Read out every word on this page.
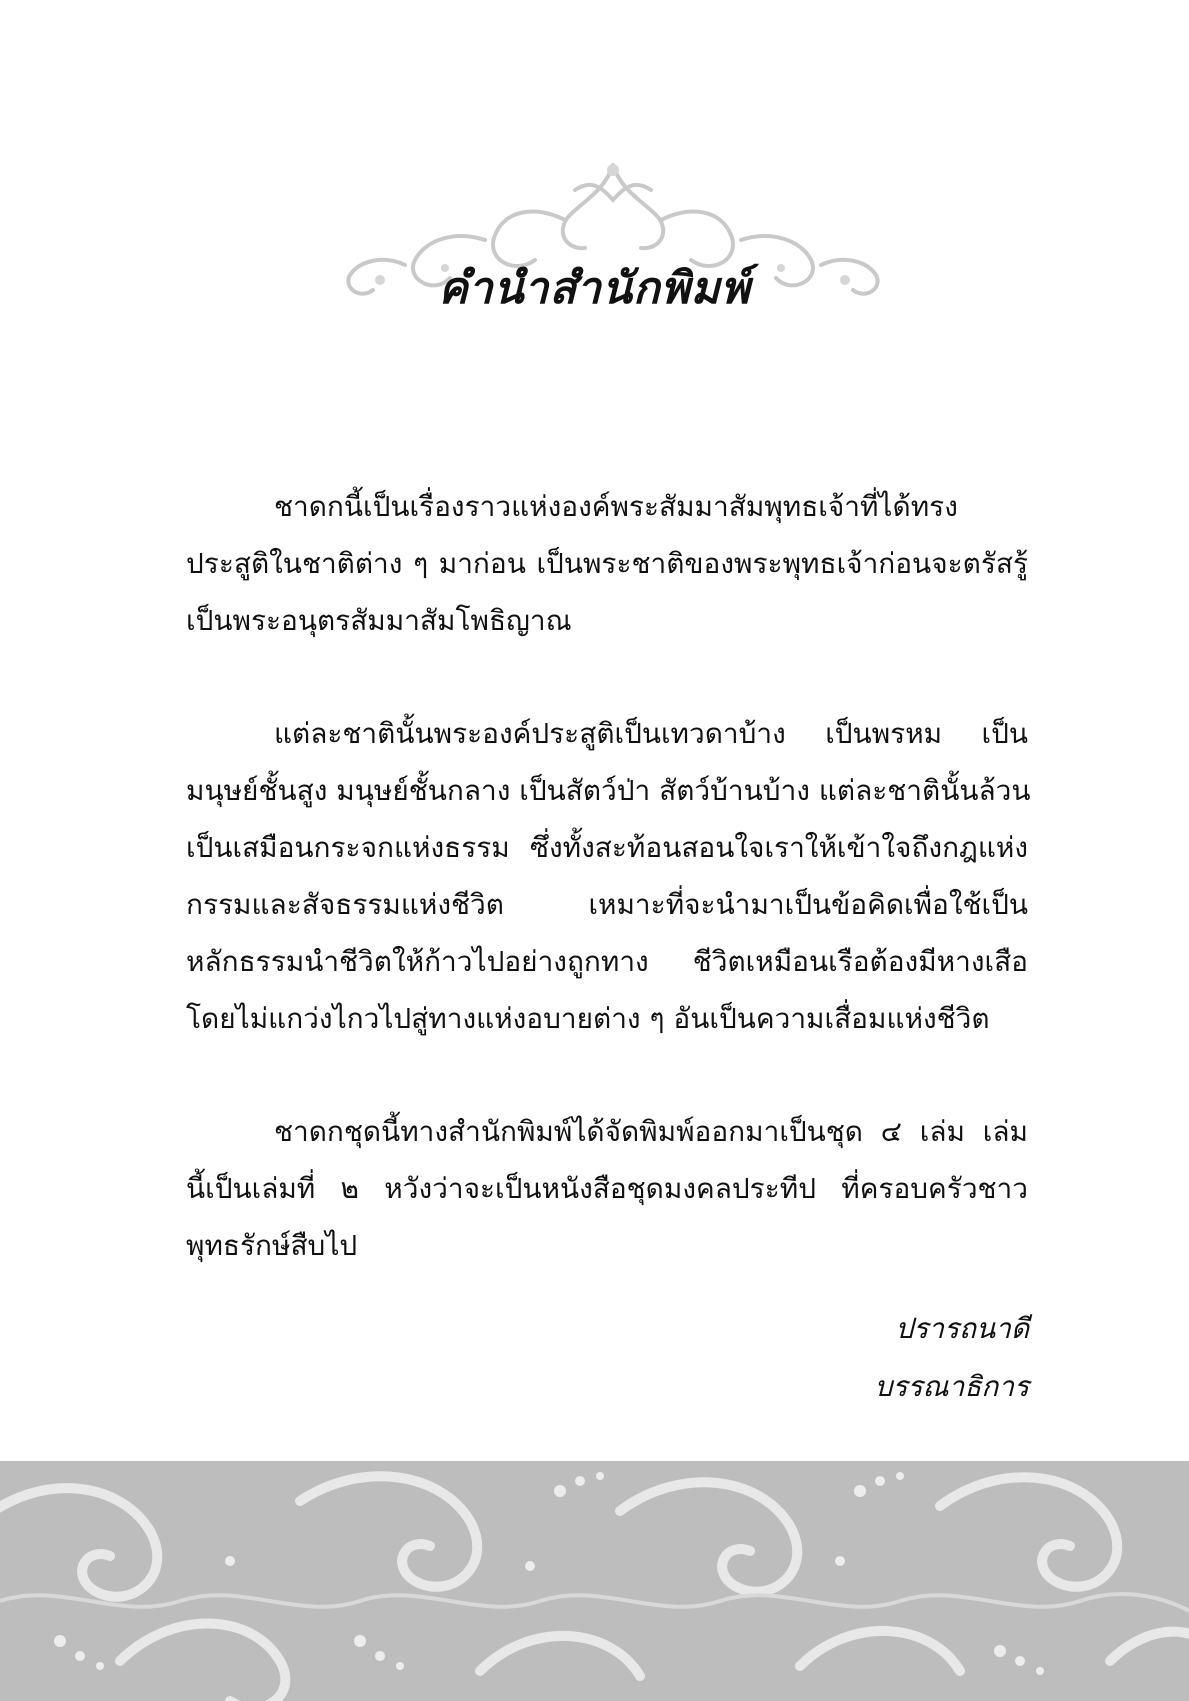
คำนำสำนักพิมพ์

ชาดกนี้เป็นเรื่องราวแห่งองค์พระสัมมาสัมพุทธเจ้าที่ได้ทรง
ประสูติในชาติต่าง ๆ มาก่อน เป็นพระชาติของพระพุทธเจ้าก่อนจะตรัสรู้
เป็นพระอนุตรสัมมาสัมโพธิญาณ

แต่ละชาตินั้นพระองค์ประสูติเป็นเทวดาบ้าง เป็นพรหม เป็น
มนุษย์ชั้นสูง มนุษย์ชั้นกลาง เป็นสัตว์ป่า สัตว์บ้านบ้าง แต่ละชาตินั้นล้วน
เป็นเสมือนกระจกแห่งธรรม ซึ่งทั้งสะท้อนสอนใจเราให้เข้าใจถึงกฎแห่ง
กรรมและสัจธรรมแห่งชีวิต เหมาะที่จะนำมาเป็นข้อคิดเพื่อใช้เป็น
หลักธรรมนำชีวิตให้ก้าวไปอย่างถูกทาง ชีวิตเหมือนเรือต้องมีหางเสือ
โดยไม่แกว่งไกวไปสู่ทางแห่งอบายต่าง ๆ อันเป็นความเสื่อมแห่งชีวิต

ชาดกชุดนี้ทางสำนักพิมพ์ได้จัดพิมพ์ออกมาเป็นชุด ๔ เล่ม เล่ม
นี้เป็นเล่มที่ ๒ หวังว่าจะเป็นหนังสือชุดมงคลประทีป ที่ครอบครัวชาว
พุทธรักษ์สืบไป

ปรารถนาดี
บรรณาธิการ
